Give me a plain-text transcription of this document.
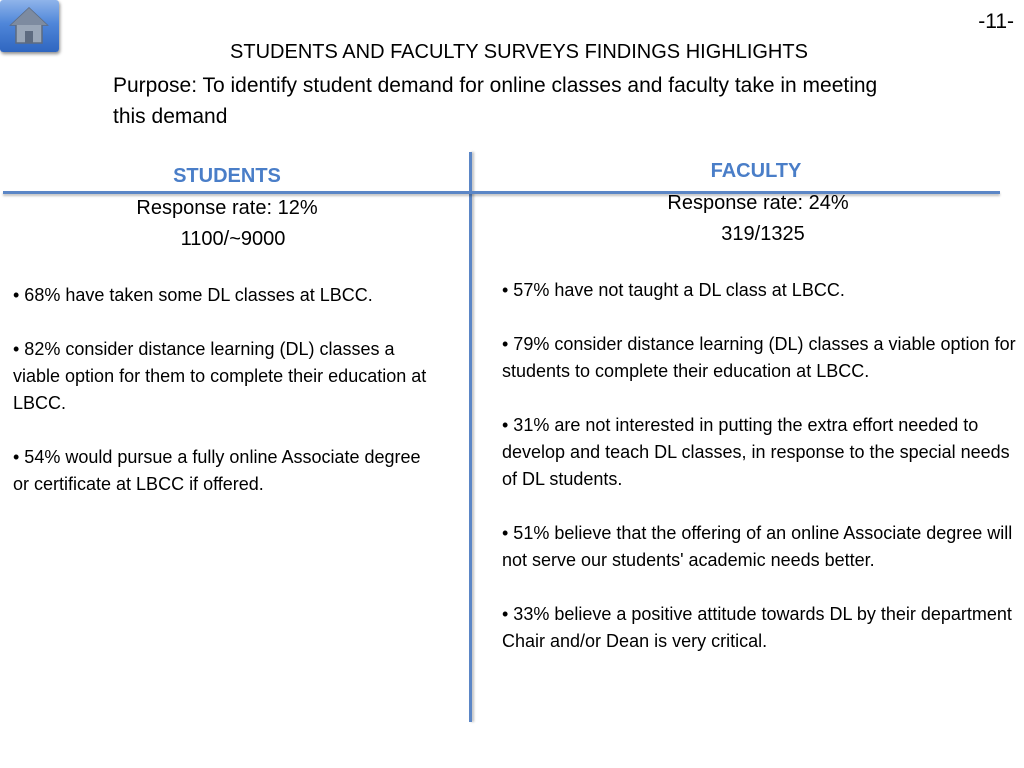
-11-
STUDENTS AND FACULTY SURVEYS FINDINGS HIGHLIGHTS
Purpose: To identify student demand for online classes and faculty take in meeting this demand
STUDENTS
Response rate: 12%
1100/~9000

• 68% have taken some DL classes at LBCC.

• 82% consider distance learning (DL) classes a viable option for them to complete their education at LBCC.

• 54% would pursue a fully online Associate degree or certificate at LBCC if offered.

FACULTY
Response rate: 24%
319/1325

• 57% have not taught a DL class at LBCC.

• 79% consider distance learning (DL) classes a viable option for students to complete their education at LBCC.

• 31% are not interested in putting the extra effort needed to develop and teach DL classes, in response to the special needs of DL students.

• 51% believe that the offering of an online Associate degree will not serve our students' academic needs better.

• 33% believe a positive attitude towards DL by their department Chair and/or Dean is very critical.
